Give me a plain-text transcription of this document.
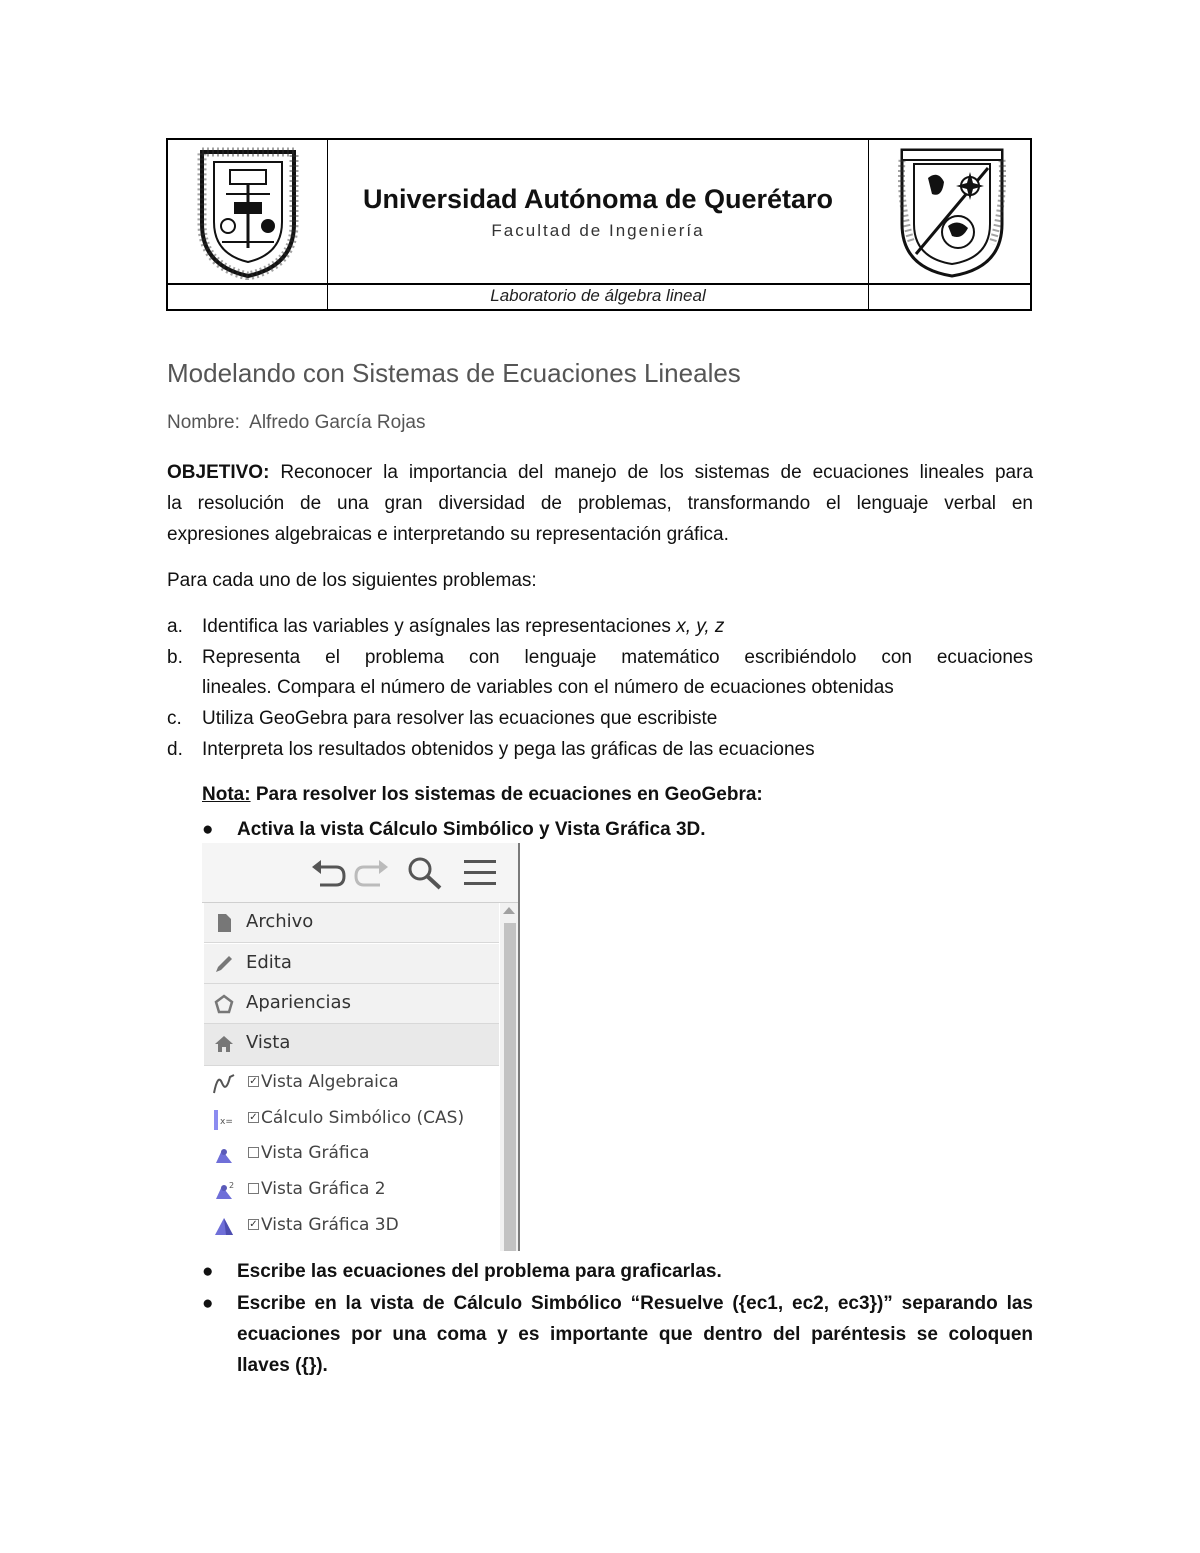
Universidad Autónoma de Querétaro
Facultad de Ingeniería
Laboratorio de álgebra lineal
Modelando con Sistemas de Ecuaciones Lineales
Nombre: Alfredo García Rojas
OBJETIVO: Reconocer la importancia del manejo de los sistemas de ecuaciones lineales para
la resolución de una gran diversidad de problemas, transformando el lenguaje verbal en
expresiones algebraicas e interpretando su representación gráfica.
Para cada uno de los siguientes problemas:
a. Identifica las variables y asígnales las representaciones x, y, z
b. Representa el problema con lenguaje matemático escribiéndolo con ecuaciones
lineales. Compara el número de variables con el número de ecuaciones obtenidas
c. Utiliza GeoGebra para resolver las ecuaciones que escribiste
d. Interpreta los resultados obtenidos y pega las gráficas de las ecuaciones
Nota: Para resolver los sistemas de ecuaciones en GeoGebra:
●	Activa la vista Cálculo Simbólico y Vista Gráfica 3D.
Archivo
Edita
Apariencias
Vista
✓ Vista Algebraica
x= ✓ Cálculo Simbólico (CAS)
Vista Gráfica
2 Vista Gráfica 2
✓ Vista Gráfica 3D
●	Escribe las ecuaciones del problema para graficarlas.
●	Escribe en la vista de Cálculo Simbólico “Resuelve ({ec1, ec2, ec3})” separando las
ecuaciones por una coma y es importante que dentro del paréntesis se coloquen
llaves ({}).
